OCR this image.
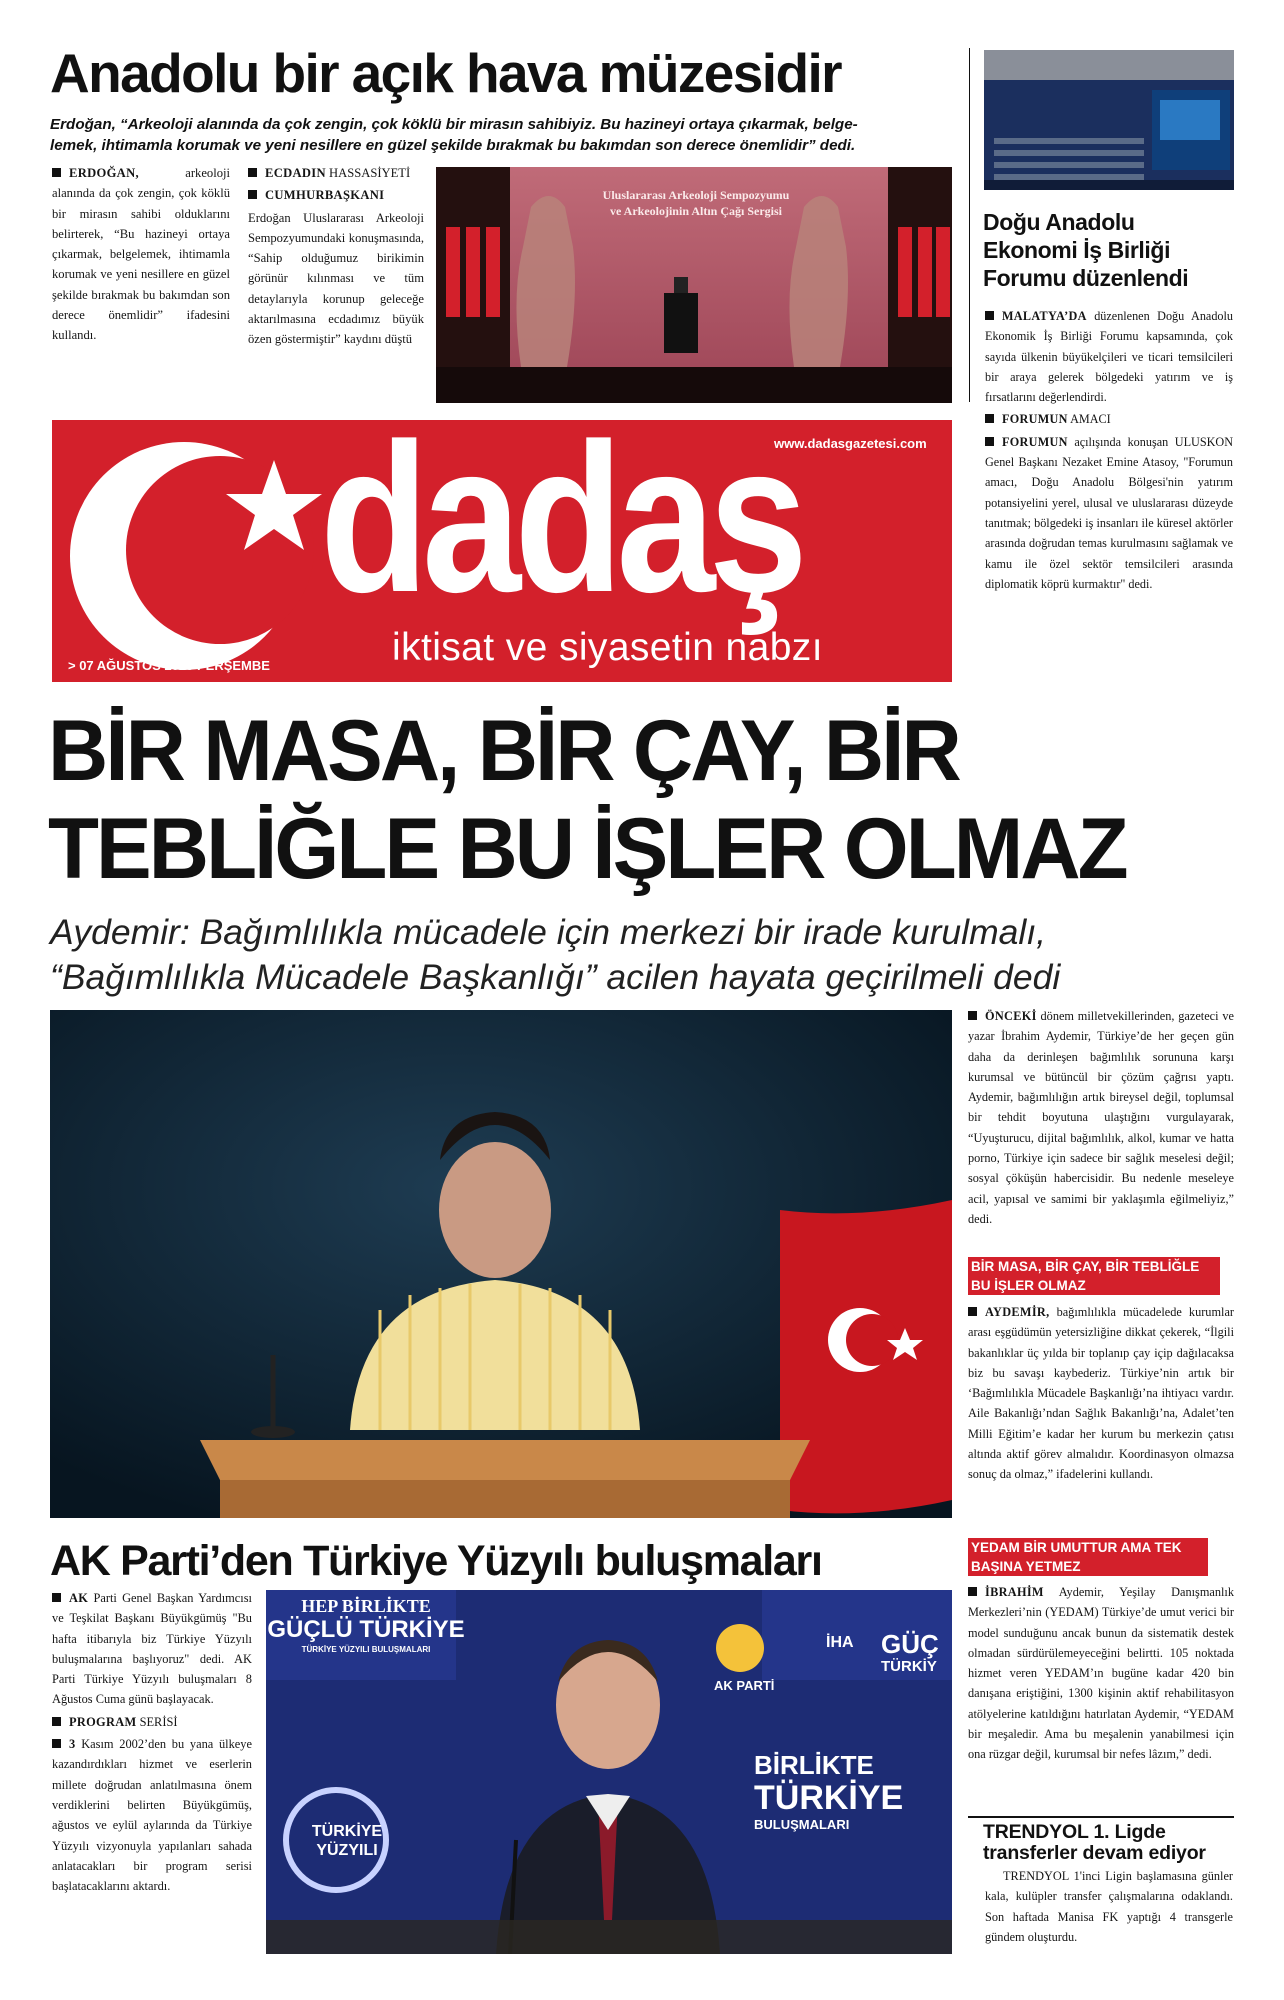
Anadolu bir açık hava müzesidir
Erdoğan, “Arkeoloji alanında da çok zengin, çok köklü bir mirasın sahibiyiz. Bu hazineyi ortaya çıkarmak, belge-
lemek, ihtimamla korumak ve yeni nesillere en güzel şekilde bırakmak bu bakımdan son derece önemlidir” dedi.

ERDOĞAN,	arkeoloji alanında da çok zengin, çok köklü bir mirasın sahibi olduklarını belirterek, “Bu hazineyi ortaya çıkarmak, belgelemek, ihtimamla korumak ve yeni nesillere en güzel şekilde bırakmak bu bakımdan son derece önemlidir” ifadesini kullandı.

ECDADIN HASSASİYETİ

CUMHURBAŞKANI

Erdoğan Uluslararası Arkeoloji Sempozyumundaki konuşmasında, “Sahip olduğumuz birikimin görünür kılınması ve tüm detaylarıyla korunup geleceğe aktarılmasına ecdadımız büyük özen göstermiştir” kaydını düştü

Uluslararası Arkeoloji Sempozyumu
ve Arkeolojinin Altın Çağı Sergisi	Doğu Anadolu
Ekonomi İş Birliği
Forumu düzenlendi

MALATYA’DA düzenlenen Doğu Anadolu Ekonomik İş Birliği Forumu kapsamında, çok sayıda ülkenin büyükelçileri ve ticari temsilcileri bir araya gelerek bölgedeki yatırım ve iş fırsatlarını değerlendirdi.

FORUMUN AMACI

FORUMUN açılışında konuşan ULUSKON Genel Başkanı Nezaket Emine Atasoy, "Forumun amacı, Doğu Anadolu Bölgesi'nin yatırım potansiyelini yerel, ulusal ve uluslararası düzeyde tanıtmak; bölgedeki iş insanları ile küresel aktörler arasında doğrudan temas kurulmasını sağlamak ve kamu ile özel sektör temsilcileri arasında diplomatik köprü kurmaktır" dedi.

dadaş
www.dadasgazetesi.com
iktisat ve siyasetin nabzı
> 07 AĞUSTOS 2025 PERŞEMBE
BİR MASA, BİR ÇAY, BİR
TEBLİĞLE BU İŞLER OLMAZ
Aydemir: Bağımlılıkla mücadele için merkezi bir irade kurulmalı,
“Bağımlılıkla Mücadele Başkanlığı” acilen hayata geçirilmeli dedi

ÖNCEKİ dönem milletvekillerinden, gazeteci ve yazar İbrahim Aydemir, Türkiye’de her geçen gün daha da derinleşen bağımlılık sorununa karşı kurumsal ve bütüncül bir çözüm çağrısı yaptı. Aydemir, bağımlılığın artık bireysel değil, toplumsal bir tehdit boyutuna ulaştığını vurgulayarak, “Uyuşturucu, dijital bağımlılık, alkol, kumar ve hatta porno, Türkiye için sadece bir sağlık meselesi değil; sosyal çöküşün habercisidir. Bu nedenle meseleye acil, yapısal ve samimi bir yaklaşımla eğilmeliyiz,” dedi.

BİR MASA, BİR ÇAY, BİR TEBLİĞLE
BU İŞLER OLMAZ

AYDEMİR, bağımlılıkla mücadelede kurumlar arası eşgüdümün yetersizliğine dikkat çekerek, “İlgili bakanlıklar üç yılda bir toplanıp çay içip dağılacaksa biz bu savaşı kaybederiz. Türkiye’nin artık bir ‘Bağımlılıkla Mücadele Başkanlığı’na ihtiyacı vardır. Aile Bakanlığı’ndan Sağlık Bakanlığı’na, Adalet’ten Milli Eğitim’e kadar her kurum bu merkezin çatısı altında aktif görev almalıdır. Koordinasyon olmazsa sonuç da olmaz,” ifadelerini kullandı.

YEDAM BİR UMUTTUR AMA TEK
BAŞINA YETMEZ

İBRAHİM Aydemir, Yeşilay Danışmanlık Merkezleri’nin (YEDAM) Türkiye’de umut verici bir model sunduğunu ancak bunun da sistematik destek olmadan sürdürülemeyeceğini belirtti. 105 noktada hizmet veren YEDAM’ın bugüne kadar 420 bin danışana eriştiğini, 1300 kişinin aktif rehabilitasyon atölyelerine katıldığını hatırlatan Aydemir, “YEDAM bir meşaledir. Ama bu meşalenin yanabilmesi için ona rüzgar değil, kurumsal bir nefes lâzım,” dedi.

AK Parti’den Türkiye Yüzyılı buluşmaları

AK Parti Genel Başkan Yardımcısı ve Teşkilat Başkanı Büyükgümüş "Bu hafta itibarıyla biz Türkiye Yüzyılı buluşmalarına başlıyoruz" dedi. AK Parti Türkiye Yüzyılı buluşmaları 8 Ağustos Cuma günü başlayacak.

PROGRAM SERİSİ

3 Kasım 2002’den bu yana ülkeye kazandırdıkları hizmet ve eserlerin millete doğrudan anlatılmasına önem verdiklerini belirten Büyükgümüş, ağustos ve eylül aylarında da Türkiye Yüzyılı vizyonuyla yapılanları sahada anlatacakları bir program serisi başlatacaklarını aktardı.

HEP BİRLİKTE
GÜÇLÜ TÜRKİYE
TÜRKİYE YÜZYILI BULUŞMALARI
AK PARTİ
İHA GÜÇ
TÜRKİY
BİRLİKTE
TÜRKİYE
BULUŞMALARI
TÜRKİYE
YÜZYILI
TRENDYOL 1. Ligde
transferler devam ediyor
TRENDYOL 1'inci Ligin başlamasına günler kala, kulüpler transfer çalışmalarına odaklandı. Son haftada Manisa FK yaptığı 4 transgerle gündem oluşturdu.
